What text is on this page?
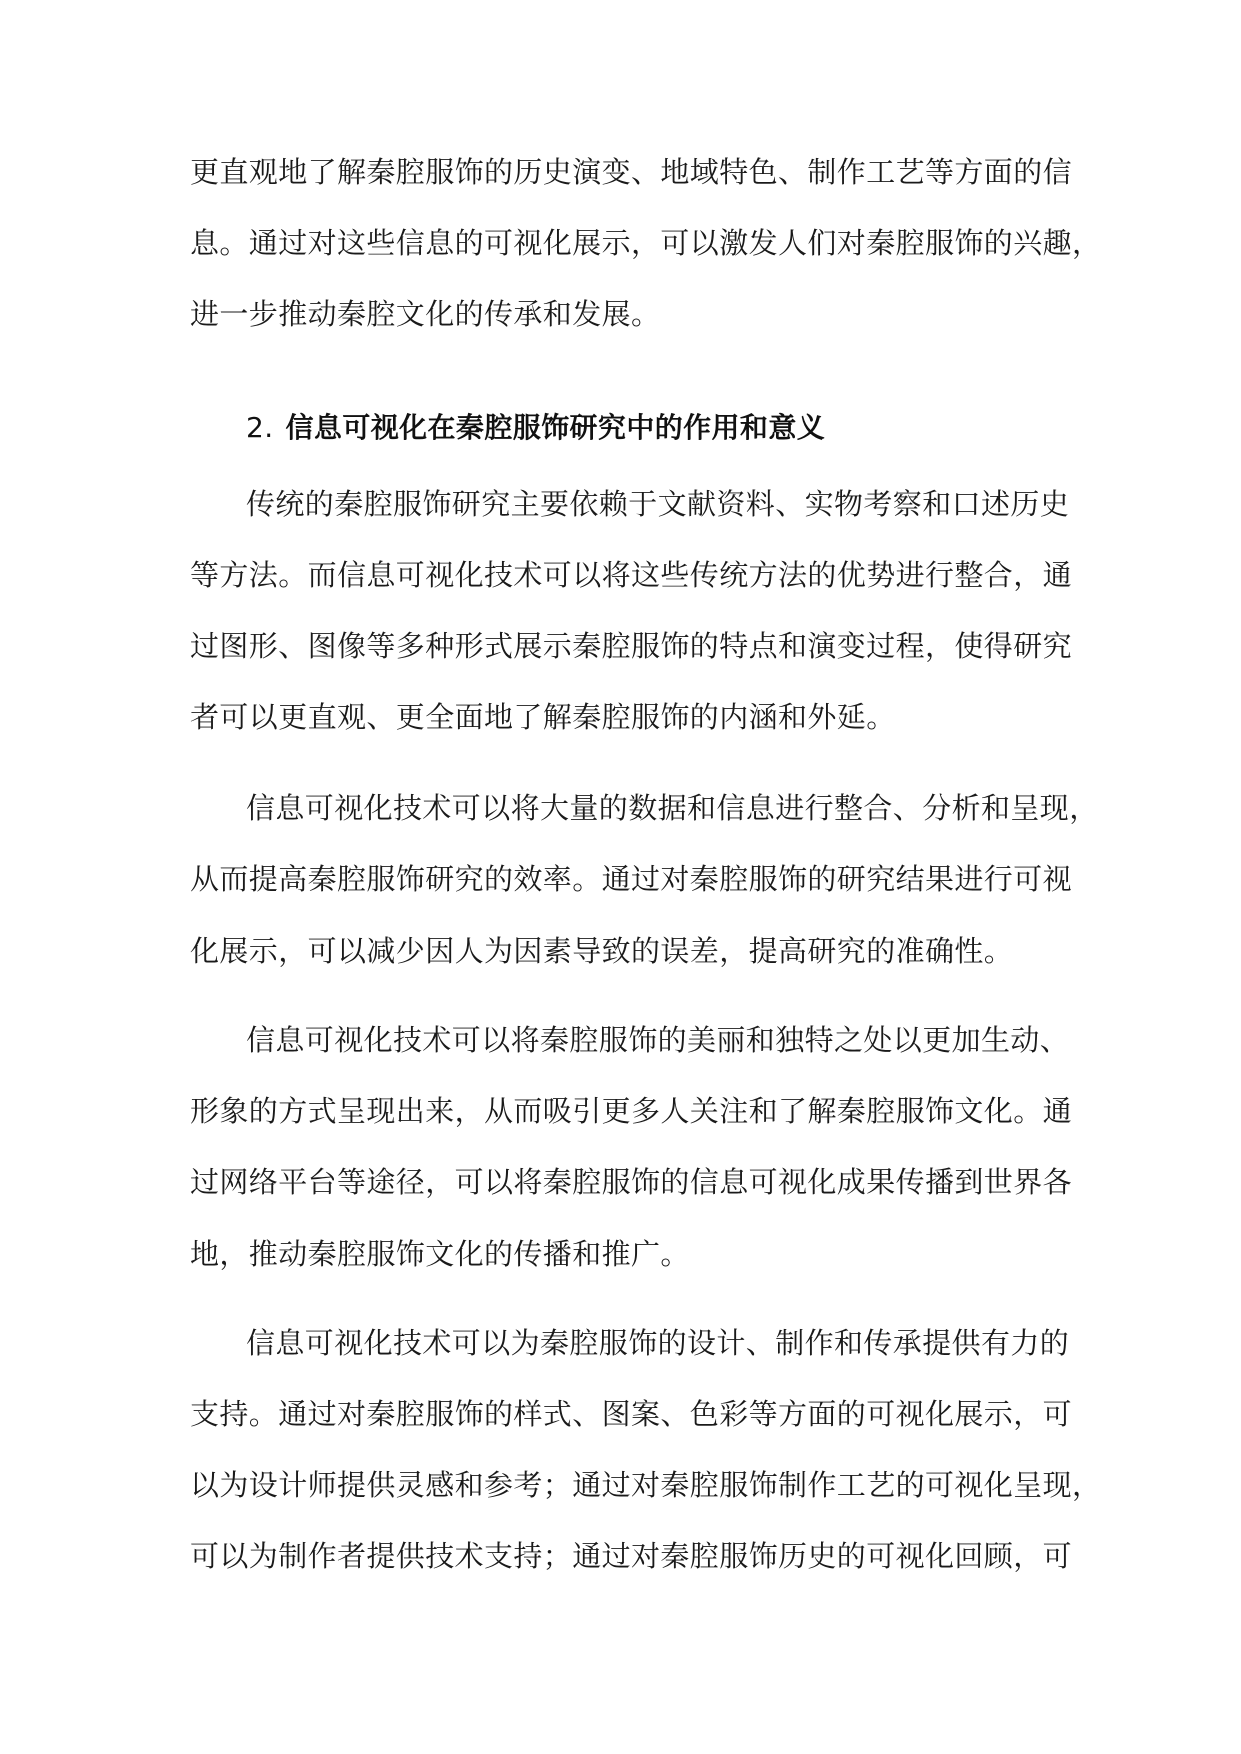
更直观地了解秦腔服饰的历史演变、地域特色、制作工艺等方面的信
息。通过对这些信息的可视化展示，可以激发人们对秦腔服饰的兴趣，
进一步推动秦腔文化的传承和发展。
2. 信息可视化在秦腔服饰研究中的作用和意义
传统的秦腔服饰研究主要依赖于文献资料、实物考察和口述历史
等方法。而信息可视化技术可以将这些传统方法的优势进行整合，通
过图形、图像等多种形式展示秦腔服饰的特点和演变过程，使得研究
者可以更直观、更全面地了解秦腔服饰的内涵和外延。
信息可视化技术可以将大量的数据和信息进行整合、分析和呈现，
从而提高秦腔服饰研究的效率。通过对秦腔服饰的研究结果进行可视
化展示，可以减少因人为因素导致的误差，提高研究的准确性。
信息可视化技术可以将秦腔服饰的美丽和独特之处以更加生动、
形象的方式呈现出来，从而吸引更多人关注和了解秦腔服饰文化。通
过网络平台等途径，可以将秦腔服饰的信息可视化成果传播到世界各
地，推动秦腔服饰文化的传播和推广。
信息可视化技术可以为秦腔服饰的设计、制作和传承提供有力的
支持。通过对秦腔服饰的样式、图案、色彩等方面的可视化展示，可
以为设计师提供灵感和参考；通过对秦腔服饰制作工艺的可视化呈现，
可以为制作者提供技术支持；通过对秦腔服饰历史的可视化回顾，可
